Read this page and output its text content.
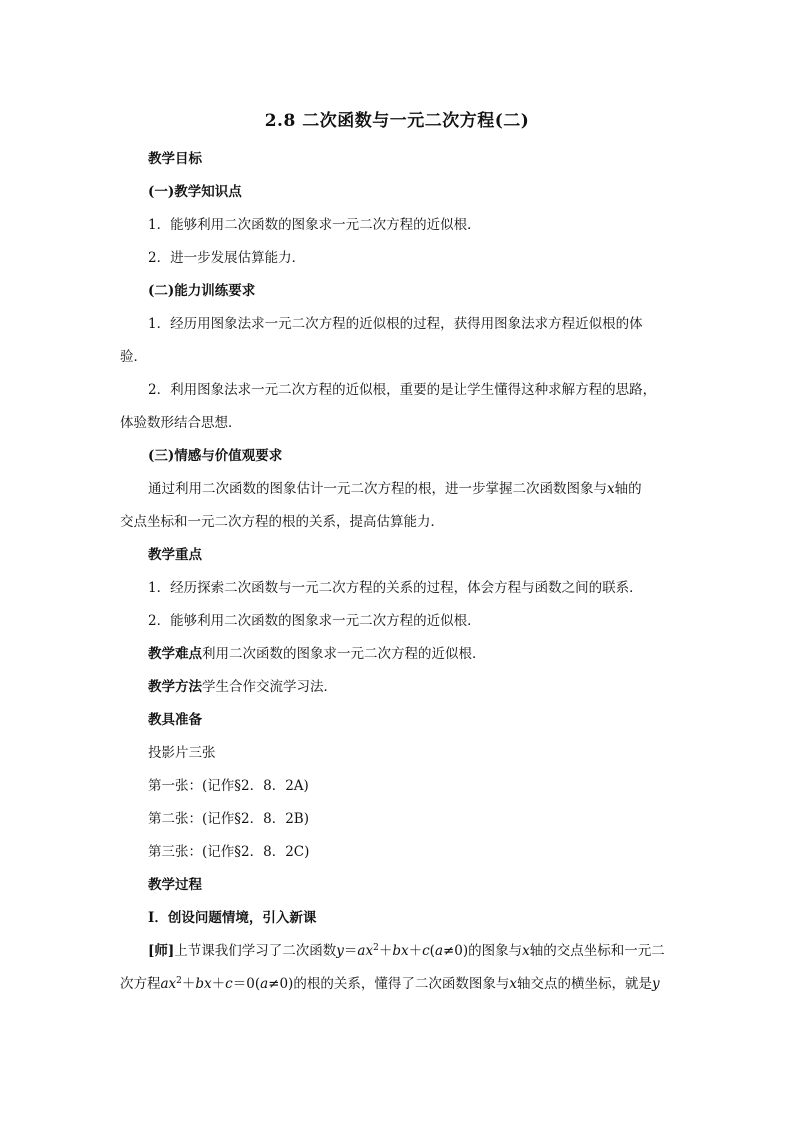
2.8 二次函数与一元二次方程(二)
教学目标
(一)教学知识点
1．能够利用二次函数的图象求一元二次方程的近似根．
2．进一步发展估算能力．
(二)能力训练要求
1．经历用图象法求一元二次方程的近似根的过程，获得用图象法求方程近似根的体
验．
2．利用图象法求一元二次方程的近似根，重要的是让学生懂得这种求解方程的思路，
体验数形结合思想．
(三)情感与价值观要求
通过利用二次函数的图象估计一元二次方程的根，进一步掌握二次函数图象与x轴的
交点坐标和一元二次方程的根的关系，提高估算能力．
教学重点
1．经历探索二次函数与一元二次方程的关系的过程，体会方程与函数之间的联系．
2．能够利用二次函数的图象求一元二次方程的近似根．
教学难点利用二次函数的图象求一元二次方程的近似根．
教学方法学生合作交流学习法．
教具准备
投影片三张
第一张：(记作§2．8．2A)
第二张：(记作§2．8．2B)
第三张：(记作§2．8．2C)
教学过程
Ⅰ．创设问题情境，引入新课
[师]上节课我们学习了二次函数$y=ax^2+bx+c(a\ne 0)$的图象与x轴的交点坐标和一元二
次方程$ax^2+bx+c=0(a\ne 0)$的根的关系，懂得了二次函数图象与x轴交点的横坐标，就是y
